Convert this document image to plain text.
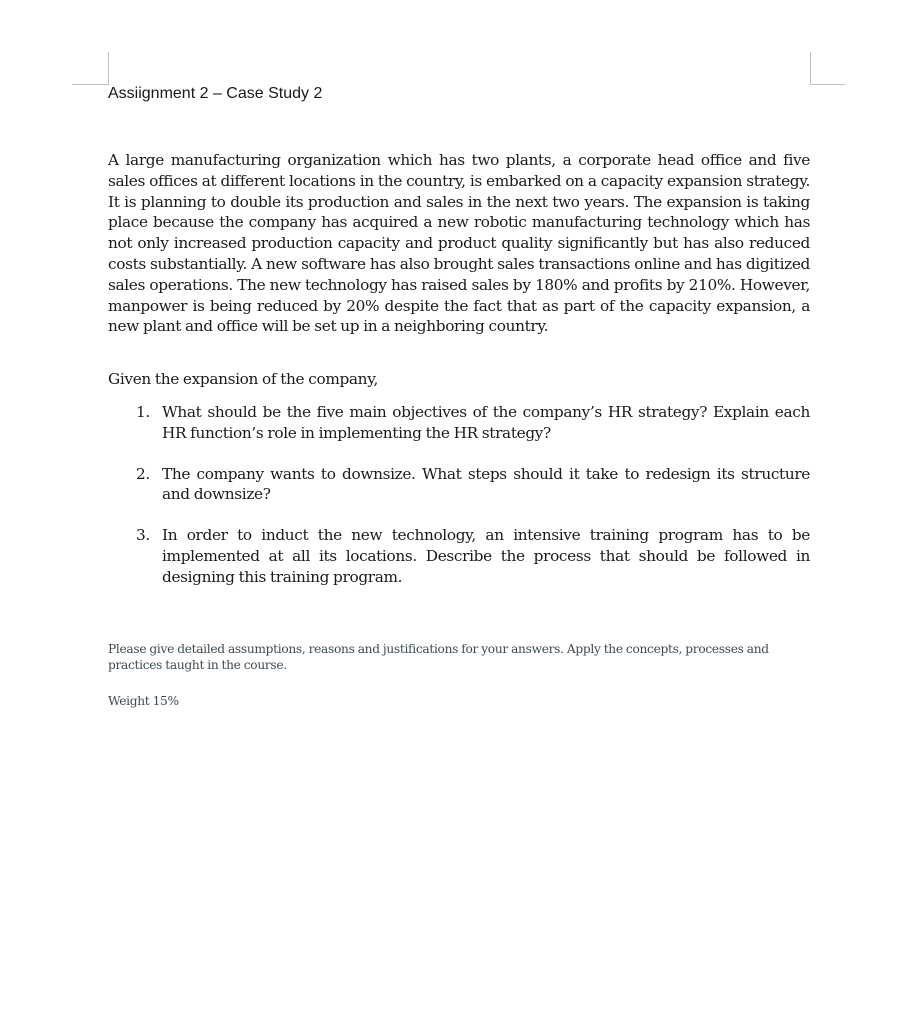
Assiignment 2 – Case Study 2

A large manufacturing organization which has two plants, a corporate head office and five sales offices at different locations in the country, is embarked on a capacity expansion strategy. It is planning to double its production and sales in the next two years. The expansion is taking place because the company has acquired a new robotic manufacturing technology which has not only increased production capacity and product quality significantly but has also reduced costs substantially. A new software has also brought sales transactions online and has digitized sales operations. The new technology has raised sales by 180% and profits by 210%. However, manpower is being reduced by 20% despite the fact that as part of the capacity expansion, a new plant and office will be set up in a neighboring country.

Given the expansion of the company,

1. What should be the five main objectives of the company’s HR strategy? Explain each HR function’s role in implementing the HR strategy?
2. The company wants to downsize. What steps should it take to redesign its structure and downsize?
3. In order to induct the new technology, an intensive training program has to be implemented at all its locations. Describe the process that should be followed in designing this training program.

Please give detailed assumptions, reasons and justifications for your answers. Apply the concepts, processes and practices taught in the course.

Weight 15%
